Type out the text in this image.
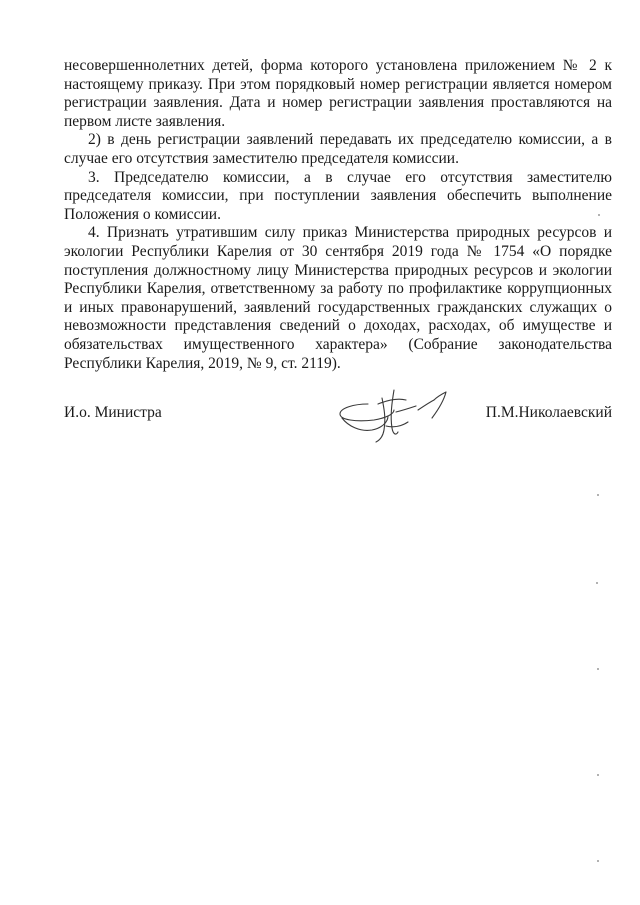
несовершеннолетних детей, форма которого установлена приложением № 2 к настоящему приказу. При этом порядковый номер регистрации является номером регистрации заявления. Дата и номер регистрации заявления проставляются на первом листе заявления.

2) в день регистрации заявлений передавать их председателю комиссии, а в случае его отсутствия заместителю председателя комиссии.

3. Председателю комиссии, а в случае его отсутствия заместителю председателя комиссии, при поступлении заявления обеспечить выполнение Положения о комиссии.

4. Признать утратившим силу приказ Министерства природных ресурсов и экологии Республики Карелия от 30 сентября 2019 года № 1754 «О порядке поступления должностному лицу Министерства природных ресурсов и экологии Республики Карелия, ответственному за работу по профилактике коррупционных и иных правонарушений, заявлений государственных гражданских служащих о невозможности представления сведений о доходах, расходах, об имуществе и обязательствах имущественного характера» (Собрание законодательства Республики Карелия, 2019, № 9, ст. 2119).

И.о. Министра	П.М.Николаевский
